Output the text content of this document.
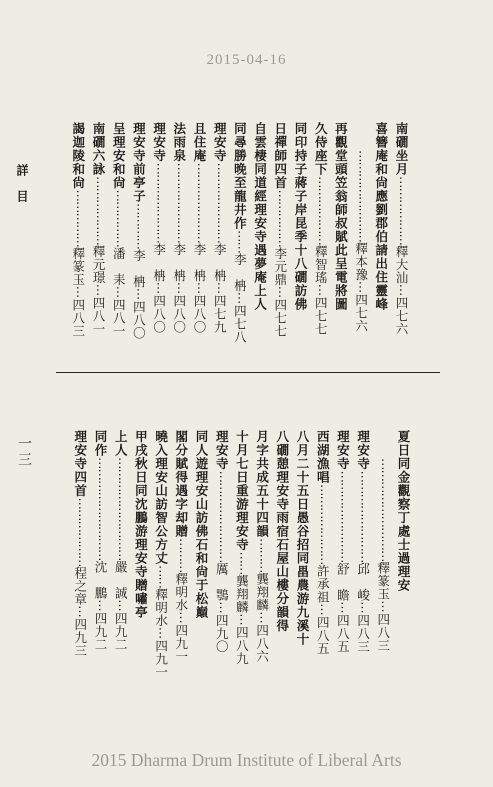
2015-04-16
詳目
南礀坐月⋯⋯⋯⋯⋯⋯釋大汕⋯四七六
喜簪庵和尙應劉郡伯請出住靈峰
⋯⋯⋯⋯⋯⋯⋯⋯釋本豫⋯四七六
再觀堂頭笠翁師叔賦此呈電將圖
久侍座下⋯⋯⋯⋯⋯⋯釋智瑤⋯四七七
同印持子蔣子岸昆季十八礀訪佛
日禪師四首⋯⋯⋯⋯⋯李元鼎⋯四七七
自雲棲同道經理安寺遇夢庵上人
同尋勝晚至龍井作⋯⋯李　柟⋯四七八
理安寺⋯⋯⋯⋯⋯⋯⋯李　柟⋯四七九
且住庵⋯⋯⋯⋯⋯⋯⋯李　柟⋯四八〇
法雨泉⋯⋯⋯⋯⋯⋯⋯李　柟⋯四八〇
理安寺⋯⋯⋯⋯⋯⋯⋯李　柟⋯四八〇
理安寺前亭子⋯⋯⋯⋯李　柟⋯四八〇
呈理安和尙⋯⋯⋯⋯⋯潘　耒⋯四八一
南礀六詠⋯⋯⋯⋯⋯⋯釋元璟⋯四八一
謁迦陵和尙⋯⋯⋯⋯⋯釋篆玉⋯四八三
夏日同金觀察丁處士過理安
⋯⋯⋯⋯⋯⋯⋯⋯⋯釋篆玉⋯四八三
理安寺⋯⋯⋯⋯⋯⋯⋯⋯邱　峻⋯四八三
理安寺⋯⋯⋯⋯⋯⋯⋯⋯舒　瞻⋯四八五
西湖漁唱⋯⋯⋯⋯⋯⋯⋯許承祖⋯四八五
八月二十五日愚谷招同畕農游九溪十
八礀憩理安寺雨宿石屋山樓分韻得
月字共成五十四韻⋯⋯⋯龔翔麟⋯四八六
十月七日重游理安寺⋯⋯龔翔麟⋯四八九
理安寺⋯⋯⋯⋯⋯⋯⋯⋯厲　鶚⋯四九〇
同人遊理安山訪佛石和尙于松巔
閣分賦得遇字却贈⋯⋯⋯釋明水⋯四九一
曉入理安山訪智公方丈⋯⋯釋明水⋯四九一
甲戌秋日同沈鵬游理安寺贈嘯亭
上人⋯⋯⋯⋯⋯⋯⋯⋯⋯嚴　誠⋯四九二
同作⋯⋯⋯⋯⋯⋯⋯⋯⋯沈　鵬⋯四九二
理安寺四首⋯⋯⋯⋯⋯⋯程之章⋯四九三
一三
2015 Dharma Drum Institute of Liberal Arts
